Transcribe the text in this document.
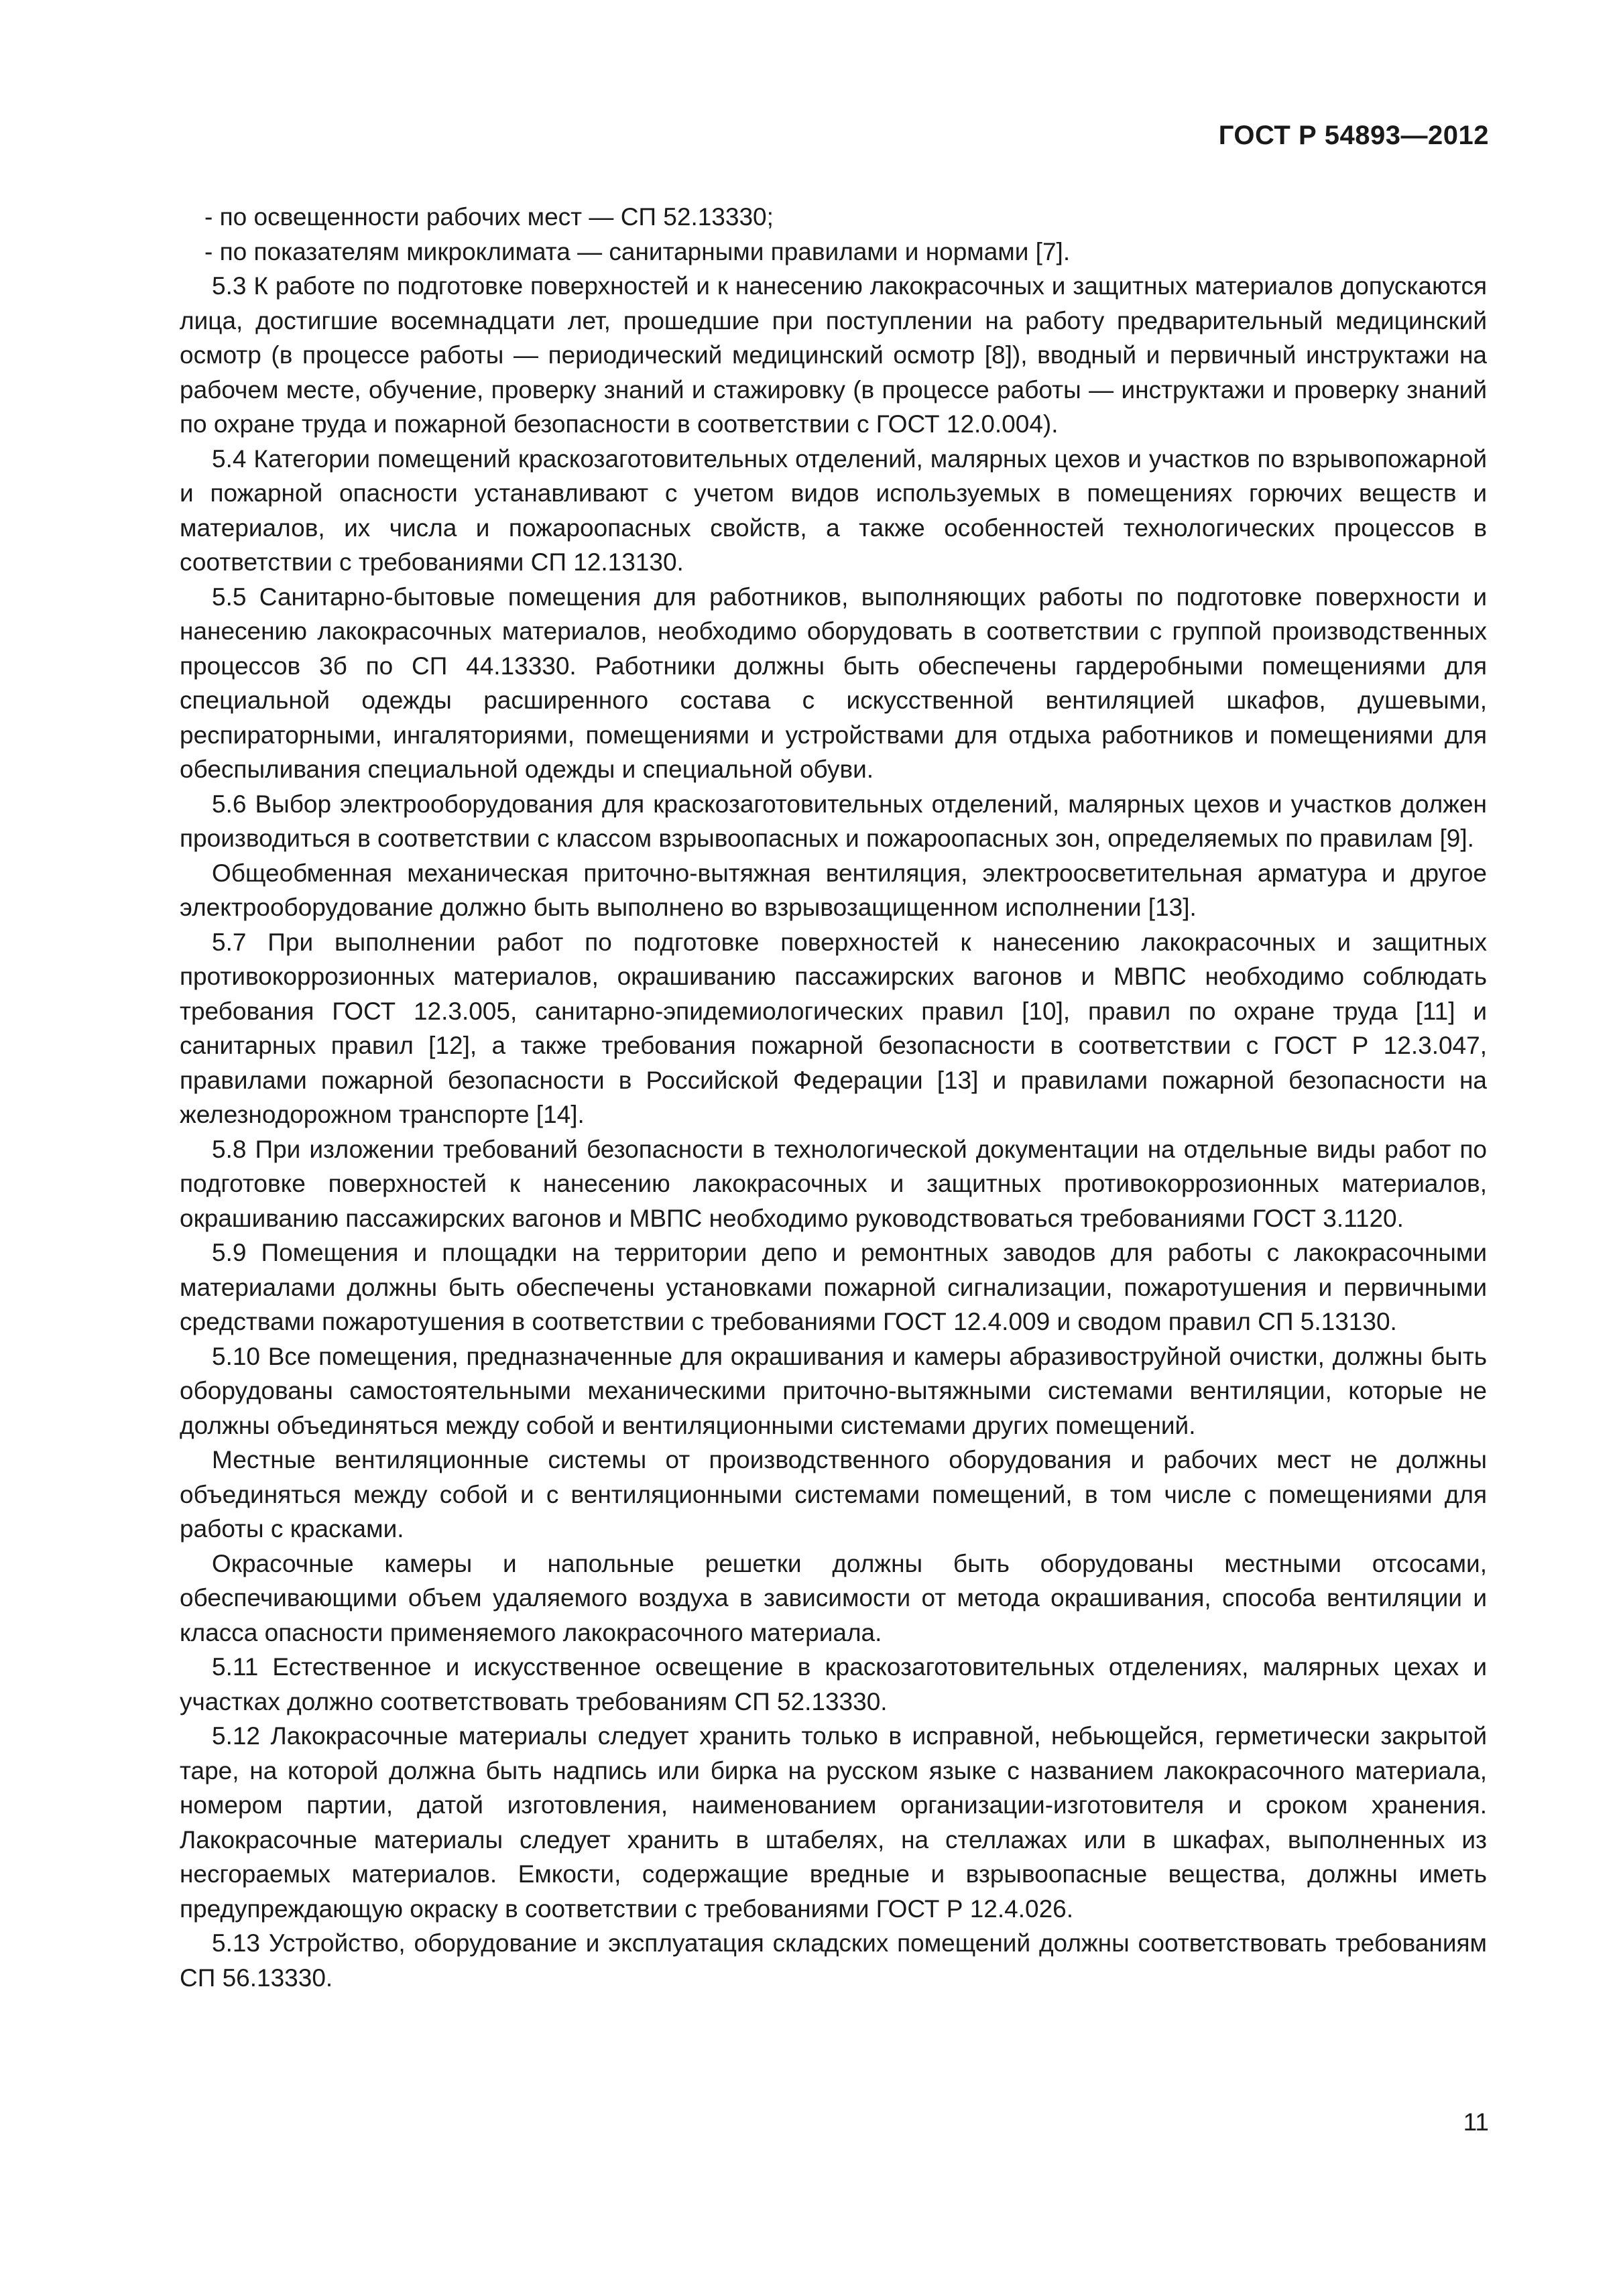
ГОСТ Р 54893—2012

- по освещенности рабочих мест — СП 52.13330;

- по показателям микроклимата — санитарными правилами и нормами [7].

5.3 К работе по подготовке поверхностей и к нанесению лакокрасочных и защитных материалов допускаются лица, достигшие восемнадцати лет, прошедшие при поступлении на работу предварительный медицинский осмотр (в процессе работы — периодический медицинский осмотр [8]), вводный и первичный инструктажи на рабочем месте, обучение, проверку знаний и стажировку (в процессе работы — инструктажи и проверку знаний по охране труда и пожарной безопасности в соответствии с ГОСТ 12.0.004).

5.4 Категории помещений краскозаготовительных отделений, малярных цехов и участков по взрывопожарной и пожарной опасности устанавливают с учетом видов используемых в помещениях горючих веществ и материалов, их числа и пожароопасных свойств, а также особенностей технологических процессов в соответствии с требованиями СП 12.13130.

5.5 Санитарно-бытовые помещения для работников, выполняющих работы по подготовке поверхности и нанесению лакокрасочных материалов, необходимо оборудовать в соответствии с группой производственных процессов 3б по СП 44.13330. Работники должны быть обеспечены гардеробными помещениями для специальной одежды расширенного состава с искусственной вентиляцией шкафов, душевыми, респираторными, ингаляториями, помещениями и устройствами для отдыха работников и помещениями для обеспыливания специальной одежды и специальной обуви.

5.6 Выбор электрооборудования для краскозаготовительных отделений, малярных цехов и участков должен производиться в соответствии с классом взрывоопасных и пожароопасных зон, определяемых по правилам [9].

Общеобменная механическая приточно-вытяжная вентиляция, электроосветительная арматура и другое электрооборудование должно быть выполнено во взрывозащищенном исполнении [13].

5.7 При выполнении работ по подготовке поверхностей к нанесению лакокрасочных и защитных противокоррозионных материалов, окрашиванию пассажирских вагонов и МВПС необходимо соблюдать требования ГОСТ 12.3.005, санитарно-эпидемиологических правил [10], правил по охране труда [11] и санитарных правил [12], а также требования пожарной безопасности в соответствии с ГОСТ Р 12.3.047, правилами пожарной безопасности в Российской Федерации [13] и правилами пожарной безопасности на железнодорожном транспорте [14].

5.8 При изложении требований безопасности в технологической документации на отдельные виды работ по подготовке поверхностей к нанесению лакокрасочных и защитных противокоррозионных материалов, окрашиванию пассажирских вагонов и МВПС необходимо руководствоваться требованиями ГОСТ 3.1120.

5.9 Помещения и площадки на территории депо и ремонтных заводов для работы с лакокрасочными материалами должны быть обеспечены установками пожарной сигнализации, пожаротушения и первичными средствами пожаротушения в соответствии с требованиями ГОСТ 12.4.009 и сводом правил СП 5.13130.

5.10 Все помещения, предназначенные для окрашивания и камеры абразивоструйной очистки, должны быть оборудованы самостоятельными механическими приточно-вытяжными системами вентиляции, которые не должны объединяться между собой и вентиляционными системами других помещений.

Местные вентиляционные системы от производственного оборудования и рабочих мест не должны объединяться между собой и с вентиляционными системами помещений, в том числе с помещениями для работы с красками.

Окрасочные камеры и напольные решетки должны быть оборудованы местными отсосами, обеспечивающими объем удаляемого воздуха в зависимости от метода окрашивания, способа вентиляции и класса опасности применяемого лакокрасочного материала.

5.11 Естественное и искусственное освещение в краскозаготовительных отделениях, малярных цехах и участках должно соответствовать требованиям СП 52.13330.

5.12 Лакокрасочные материалы следует хранить только в исправной, небьющейся, герметически закрытой таре, на которой должна быть надпись или бирка на русском языке с названием лакокрасочного материала, номером партии, датой изготовления, наименованием организации-изготовителя и сроком хранения. Лакокрасочные материалы следует хранить в штабелях, на стеллажах или в шкафах, выполненных из несгораемых материалов. Емкости, содержащие вредные и взрывоопасные вещества, должны иметь предупреждающую окраску в соответствии с требованиями ГОСТ Р 12.4.026.

5.13 Устройство, оборудование и эксплуатация складских помещений должны соответствовать требованиям СП 56.13330.

11
